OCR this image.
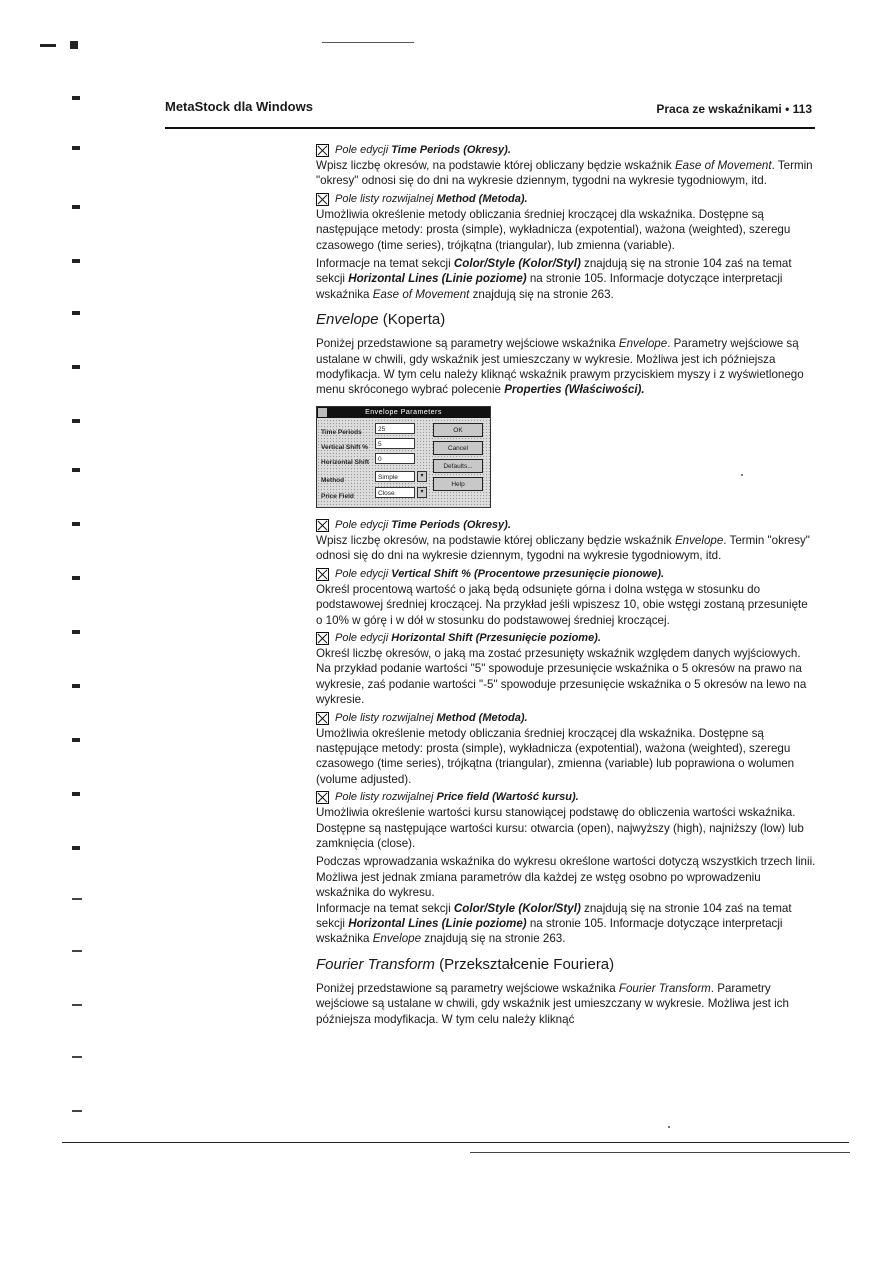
MetaStock dla Windows	Praca ze wskaźnikami • 113
Pole edycji Time Periods (Okresy).

Wpisz liczbę okresów, na podstawie której obliczany będzie wskaźnik Ease of Movement. Termin "okresy" odnosi się do dni na wykresie dziennym, tygodni na wykresie tygodniowym, itd.

Pole listy rozwijalnej Method (Metoda).

Umożliwia określenie metody obliczania średniej kroczącej dla wskaźnika. Dostępne są następujące metody: prosta (simple), wykładnicza (expotential), ważona (weighted), szeregu czasowego (time series), trójkątna (triangular), lub zmienna (variable).

Informacje na temat sekcji Color/Style (Kolor/Styl) znajdują się na stronie 104 zaś na temat sekcji Horizontal Lines (Linie poziome) na stronie 105. Informacje dotyczące interpretacji wskaźnika Ease of Movement znajdują się na stronie 263.

Envelope (Koperta)

Poniżej przedstawione są parametry wejściowe wskaźnika Envelope. Parametry wejściowe są ustalane w chwili, gdy wskaźnik jest umieszczany w wykresie. Możliwa jest ich późniejsza modyfikacja. W tym celu należy kliknąć wskaźnik prawym przyciskiem myszy i z wyświetlonego menu skróconego wybrać polecenie Properties (Właściwości).

Envelope Parameters
Time Periods	25
Vertical Shift %	5
Horizontal Shift	0
Method	Simple	▾
Price Field	Close	▾
OK
Cancel
Defaults...
Help
Pole edycji Time Periods (Okresy).

Wpisz liczbę okresów, na podstawie której obliczany będzie wskaźnik Envelope. Termin "okresy" odnosi się do dni na wykresie dziennym, tygodni na wykresie tygodniowym, itd.

Pole edycji Vertical Shift % (Procentowe przesunięcie pionowe).

Określ procentową wartość o jaką będą odsunięte górna i dolna wstęga w stosunku do podstawowej średniej kroczącej. Na przykład jeśli wpiszesz 10, obie wstęgi zostaną przesunięte o 10% w górę i w dół w stosunku do podstawowej średniej kroczącej.

Pole edycji Horizontal Shift (Przesunięcie poziome).

Określ liczbę okresów, o jaką ma zostać przesunięty wskaźnik względem danych wyjściowych. Na przykład podanie wartości "5" spowoduje przesunięcie wskaźnika o 5 okresów na prawo na wykresie, zaś podanie wartości "-5" spowoduje przesunięcie wskaźnika o 5 okresów na lewo na wykresie.

Pole listy rozwijalnej Method (Metoda).

Umożliwia określenie metody obliczania średniej kroczącej dla wskaźnika. Dostępne są następujące metody: prosta (simple), wykładnicza (expotential), ważona (weighted), szeregu czasowego (time series), trójkątna (triangular), zmienna (variable) lub poprawiona o wolumen (volume adjusted).

Pole listy rozwijalnej Price field (Wartość kursu).

Umożliwia określenie wartości kursu stanowiącej podstawę do obliczenia wartości wskaźnika. Dostępne są następujące wartości kursu: otwarcia (open), najwyższy (high), najniższy (low) lub zamknięcia (close).

Podczas wprowadzania wskaźnika do wykresu określone wartości dotyczą wszystkich trzech linii. Możliwa jest jednak zmiana parametrów dla każdej ze wstęg osobno po wprowadzeniu wskaźnika do wykresu.

Informacje na temat sekcji Color/Style (Kolor/Styl) znajdują się na stronie 104 zaś na temat sekcji Horizontal Lines (Linie poziome) na stronie 105. Informacje dotyczące interpretacji wskaźnika Envelope znajdują się na stronie 263.

Fourier Transform (Przekształcenie Fouriera)

Poniżej przedstawione są parametry wejściowe wskaźnika Fourier Transform. Parametry wejściowe są ustalane w chwili, gdy wskaźnik jest umieszczany w wykresie. Możliwa jest ich późniejsza modyfikacja. W tym celu należy kliknąć
